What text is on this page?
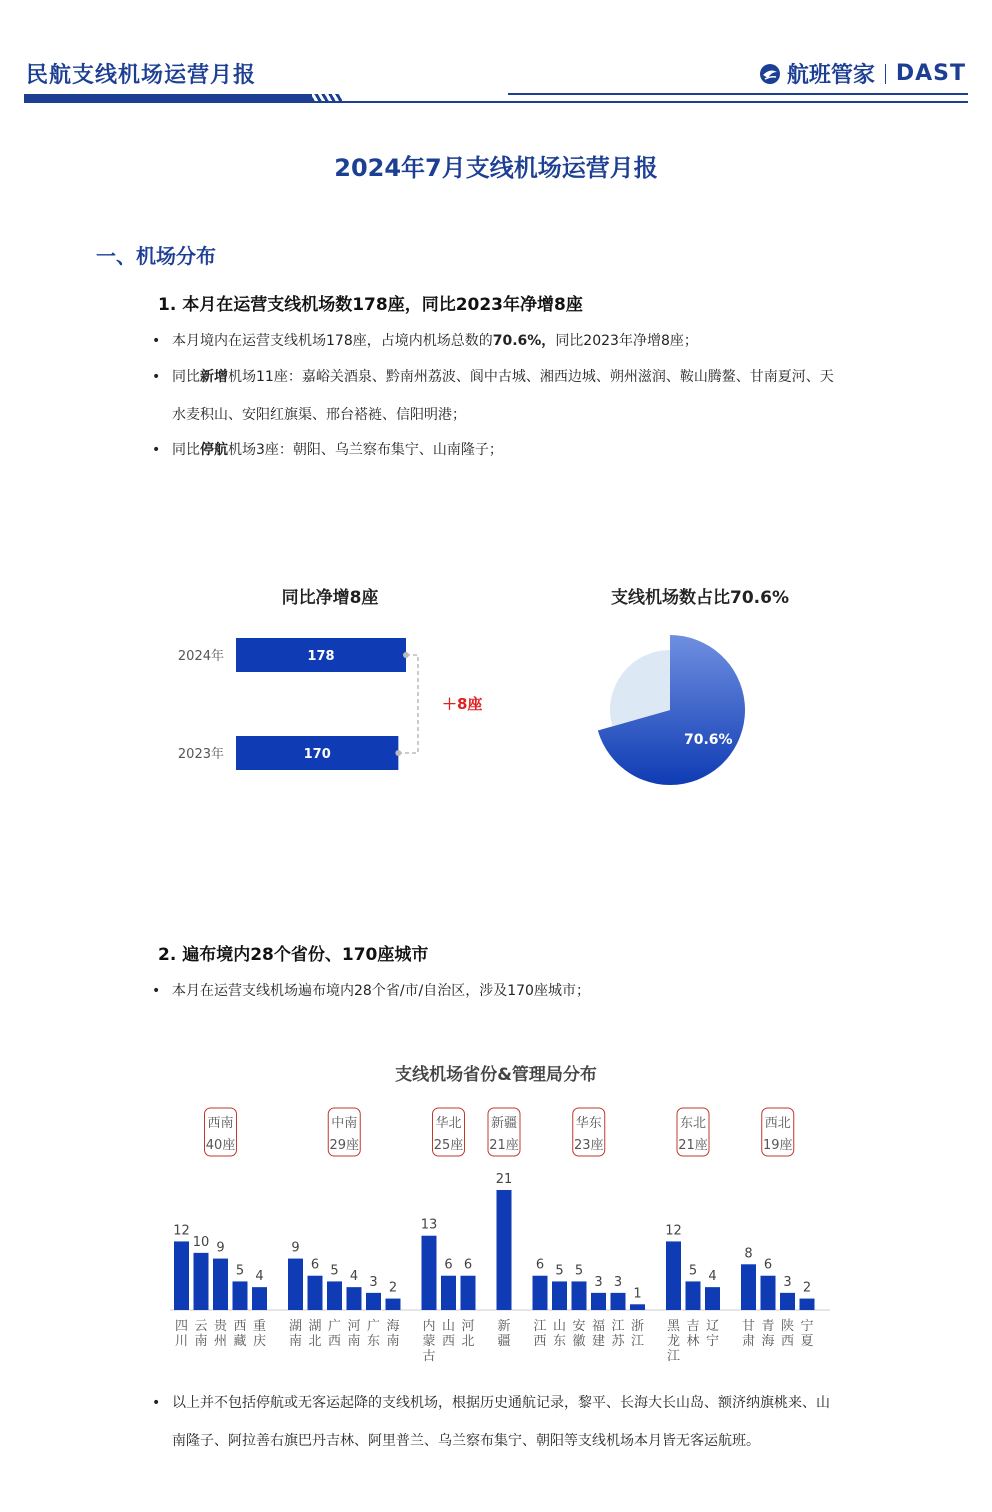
民航支线机场运营月报	航班管家 DAST
2024年7月支线机场运营月报
一、机场分布
1. 本月在运营支线机场数178座，同比2023年净增8座
• 本月境内在运营支线机场178座，占境内机场总数的70.6%，同比2023年净增8座；
• 同比新增机场11座：嘉峪关酒泉、黔南州荔波、阆中古城、湘西边城、朔州滋润、鞍山腾鳌、甘南夏河、天
水麦积山、安阳红旗渠、邢台褡裢、信阳明港；
• 同比停航机场3座：朝阳、乌兰察布集宁、山南隆子；
同比净增8座
2024年	178
2023年	170
＋8座
支线机场数占比70.6%
70.6%
2. 遍布境内28个省份、170座城市
• 本月在运营支线机场遍布境内28个省/市/自治区，涉及170座城市；
支线机场省份&管理局分布
12
四
川
10
云
南
9
贵
州
5
西
藏
4
重
庆
西南
40座
9
湖
南
6
湖
北
5
广
西
4
河
南
3
广
东
2
海
南
中南
29座
13
内
蒙
古
6
山
西
6
河
北
华北
25座
21
新
疆
新疆
21座
6
江
西
5
山
东
5
安
徽
3
福
建
3
江
苏
1
浙
江
华东
23座
12
黑
龙
江
5
吉
林
4
辽
宁
东北
21座
8
甘
肃
6
青
海
3
陕
西
2
宁
夏
西北
19座
• 以上并不包括停航或无客运起降的支线机场，根据历史通航记录，黎平、长海大长山岛、额济纳旗桃来、山
南隆子、阿拉善右旗巴丹吉林、阿里普兰、乌兰察布集宁、朝阳等支线机场本月皆无客运航班。
